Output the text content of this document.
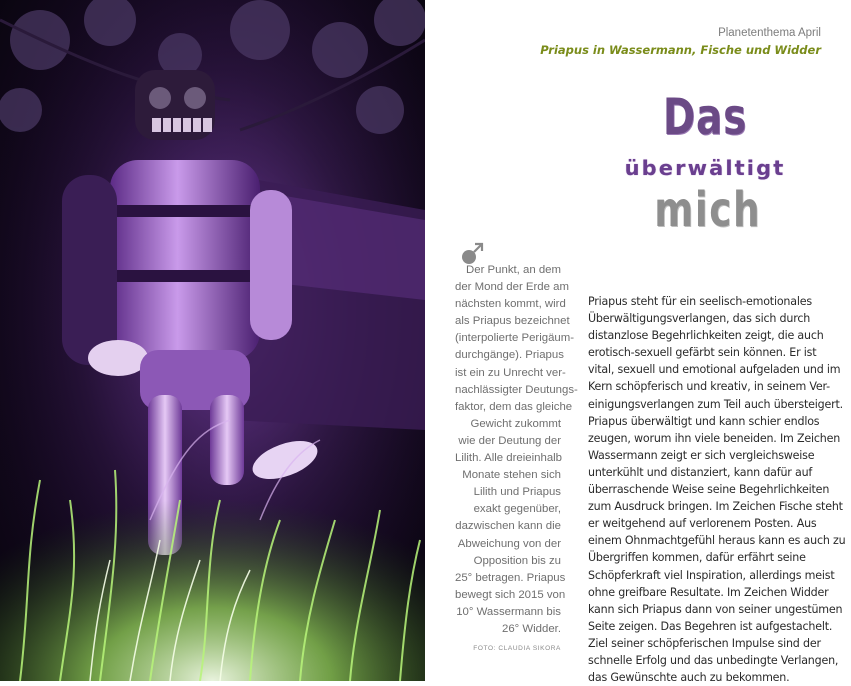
Planetenthema April
Priapus in Wassermann, Fische und Widder
Das
überwältigt
mich
Der Punkt, an dem
der Mond der Erde am
nächsten kommt, wird
als Priapus bezeichnet
(interpolierte Perigäum-
durchgänge). Priapus
ist ein zu Unrecht ver-
nachlässigter Deutungs-
faktor, dem das gleiche
Gewicht zukommt
wie der Deutung der
Lilith. Alle dreieinhalb
Monate stehen sich
Lilith und Priapus
exakt gegenüber,
dazwischen kann die
Abweichung von der
Opposition bis zu
25° betragen. Priapus
bewegt sich 2015 von
10° Wassermann bis
26° Widder.
FOTO: CLAUDIA SIKORA
Priapus steht für ein seelisch-emotionales
Überwältigungsverlangen, das sich durch
distanzlose Begehrlichkeiten zeigt, die auch
erotisch-sexuell gefärbt sein können. Er ist
vital, sexuell und emotional aufgeladen und im
Kern schöpferisch und kreativ, in seinem Ver-
einigungsverlangen zum Teil auch übersteigert.
Priapus überwältigt und kann schier endlos
zeugen, worum ihn viele beneiden. Im Zeichen
Wassermann zeigt er sich vergleichsweise
unterkühlt und distanziert, kann dafür auf
überraschende Weise seine Begehrlichkeiten
zum Ausdruck bringen. Im Zeichen Fische steht
er weitgehend auf verlorenem Posten. Aus
einem Ohnmachtgefühl heraus kann es auch zu
Übergriffen kommen, dafür erfährt seine
Schöpferkraft viel Inspiration, allerdings meist
ohne greifbare Resultate. Im Zeichen Widder
kann sich Priapus dann von seiner ungestümen
Seite zeigen. Das Begehren ist aufgestachelt.
Ziel seiner schöpferischen Impulse sind der
schnelle Erfolg und das unbedingte Verlangen,
das Gewünschte auch zu bekommen.
